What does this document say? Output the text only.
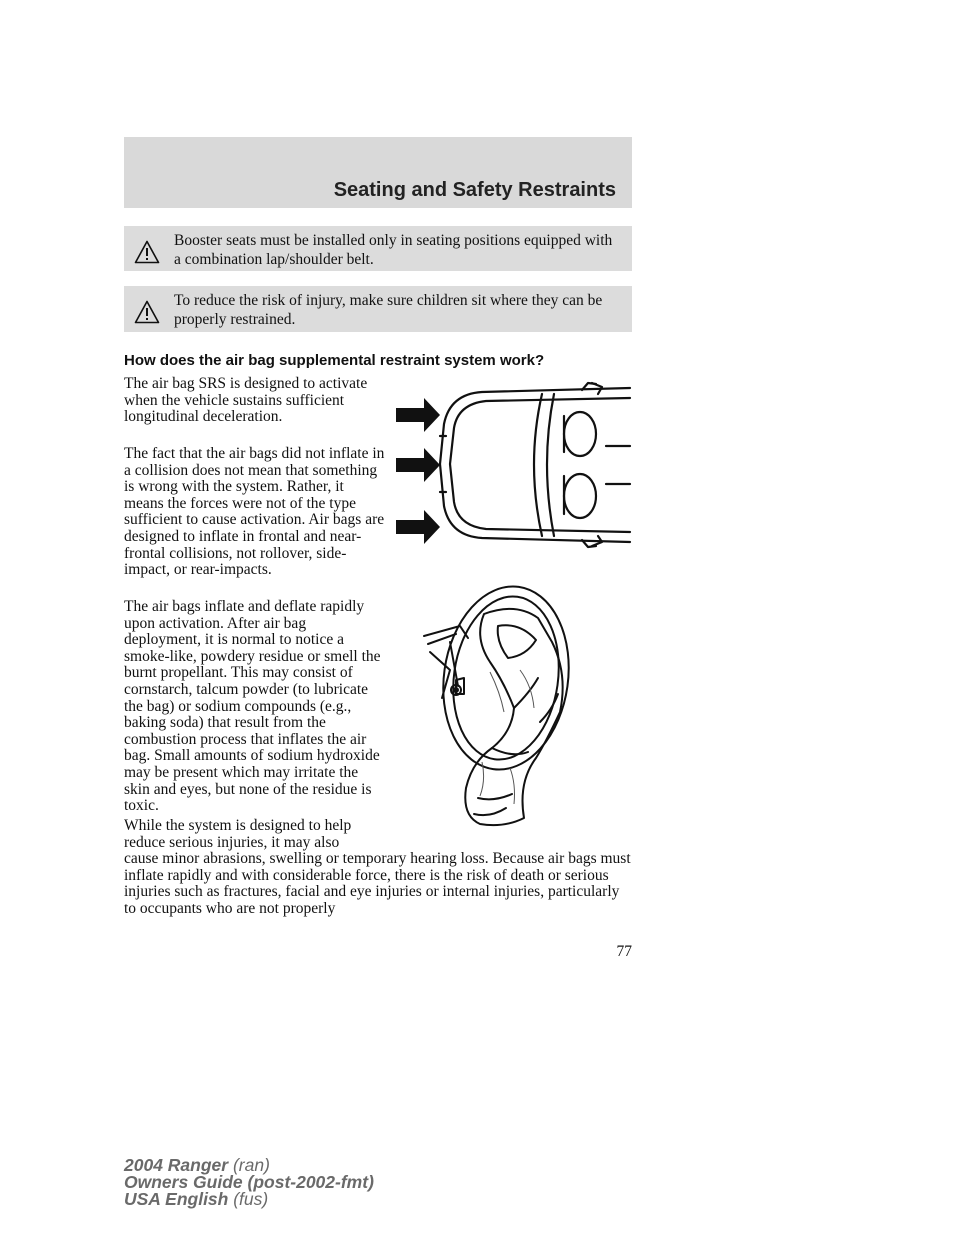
Seating and Safety Restraints
Booster seats must be installed only in seating positions equipped with a combination lap/shoulder belt.
To reduce the risk of injury, make sure children sit where they can be properly restrained.
How does the air bag supplemental restraint system work?

The air bag SRS is designed to activate when the vehicle sustains sufficient longitudinal deceleration.

The fact that the air bags did not inflate in a collision does not mean that something is wrong with the system. Rather, it means the forces were not of the type sufficient to cause activation. Air bags are designed to inflate in frontal and near-frontal collisions, not rollover, side-impact, or rear-impacts.

The air bags inflate and deflate rapidly upon activation. After air bag deployment, it is normal to notice a smoke-like, powdery residue or smell the burnt propellant. This may consist of cornstarch, talcum powder (to lubricate the bag) or sodium compounds (e.g., baking soda) that result from the combustion process that inflates the air bag. Small amounts of sodium hydroxide may be present which may irritate the skin and eyes, but none of the residue is toxic.

While the system is designed to help reduce serious injuries, it may also

cause minor abrasions, swelling or temporary hearing loss. Because air bags must inflate rapidly and with considerable force, there is the risk of death or serious injuries such as fractures, facial and eye injuries or internal injuries, particularly to occupants who are not properly

77
2004 Ranger (ran)
Owners Guide (post-2002-fmt)
USA English (fus)
